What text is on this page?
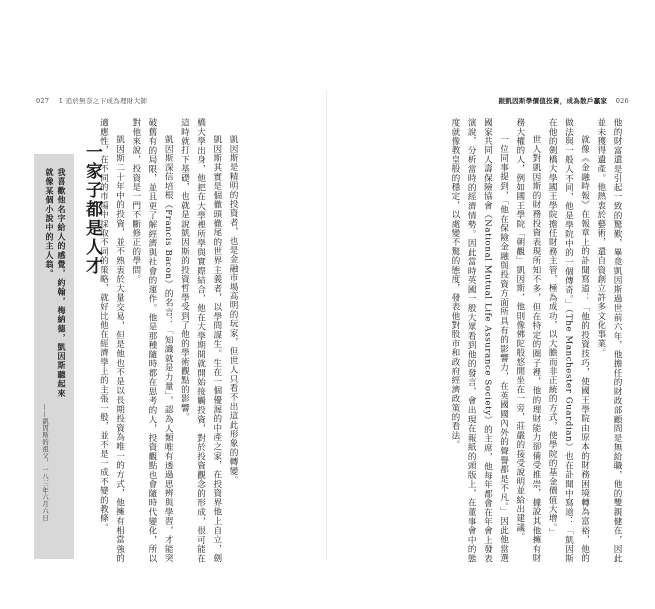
027 1 追於無奈之下成為理財大師
我喜歡他名字給人的感覺，約翰，梅納德，凱因斯聽起來就像某個小說中的主人翁。
——凱因斯的祖父，一八三年六月六日
一家子都是人才	凱因斯是精明的投資者，也是金融市場高明的玩家，但世人只看不出這此形象的轉變。

凱因斯其實是個徹頭徹尾的世界主義者，以學問謀生。生在一個優渥的中產之家，在投資界他上自立，劍橋大學出身，他把在大學裡所學與實際結合，他在大學期間就開始接觸投資，對於投資觀念的形成，很可能在這時就打下基礎，也就是說凱因斯的投資哲學受到了他的學術觀點的影響。

凱因斯深信培根（Francis Bacon）的名言：「知識就是力量」，認為人類唯有透過思辨與學習，才能突破舊有的局限，並且更了解經濟與社會的運作。他是那種隨時都在思考的人，投資觀點也會隨時代變化，所以對他來說，投資是一門不斷修正的學問。

凱因斯二十年中的投資，並不熟衷於大量交易，但是他也不是以長期投資為唯一的方式，他擁有相當強的適應性，在不同的市場中採取不同的策略，就好比他在經濟學上的主張一般，並不是一成不變的教條。

跟凱因斯學價值投資，成為散戶贏家 026

他的財富還是引起一致的驚歎，畢竟凱因斯過世前六年，他擔任的財政部顧問是無給職，他的雙親健在，因此並未獲得遺產。他熱衷於藝術，還自資創立許多文化事業。

就像《金融時報》在報章上的訃聞寫道：「他的投資技巧，使國王學院由原本的財務困境轉為富裕，他的做法與一般人不同，他是學院中的一個傳奇。」（The Manchester Guardian）也在訃聞中寫道：「凱因斯在他的劍橋大學國王學院擔任財務主管，極為成功，以大膽而非正統的方式，使學院的基金價值大增。」

世人對凱因斯的財務投資表現所知不多，但在特定的圈子裡，他的理財能力卻備受推崇，據說其他擁有財務大權的人，例如國王學院「朝觀」凱因斯，他則像佛陀般悠閒坐在一旁，莊嚴的接受說明並給出建議。

一位同事提到，「他在保險金融與投資方面所具有的影響力，在英國國內外的聲譽都是不凡。」因此他當選國家共同人壽保險協會（National Mutual Life Assurance Society）的主席，他每年都會在年會上發表演說，分析當時的經濟情勢。因此當時英國一般大眾看到他的發言，會出現在報紙的頭版上，在董事會中的態度就像教皇般的穩定，以處變不驚的態度，發表他對股市和政府經濟政策的看法。
